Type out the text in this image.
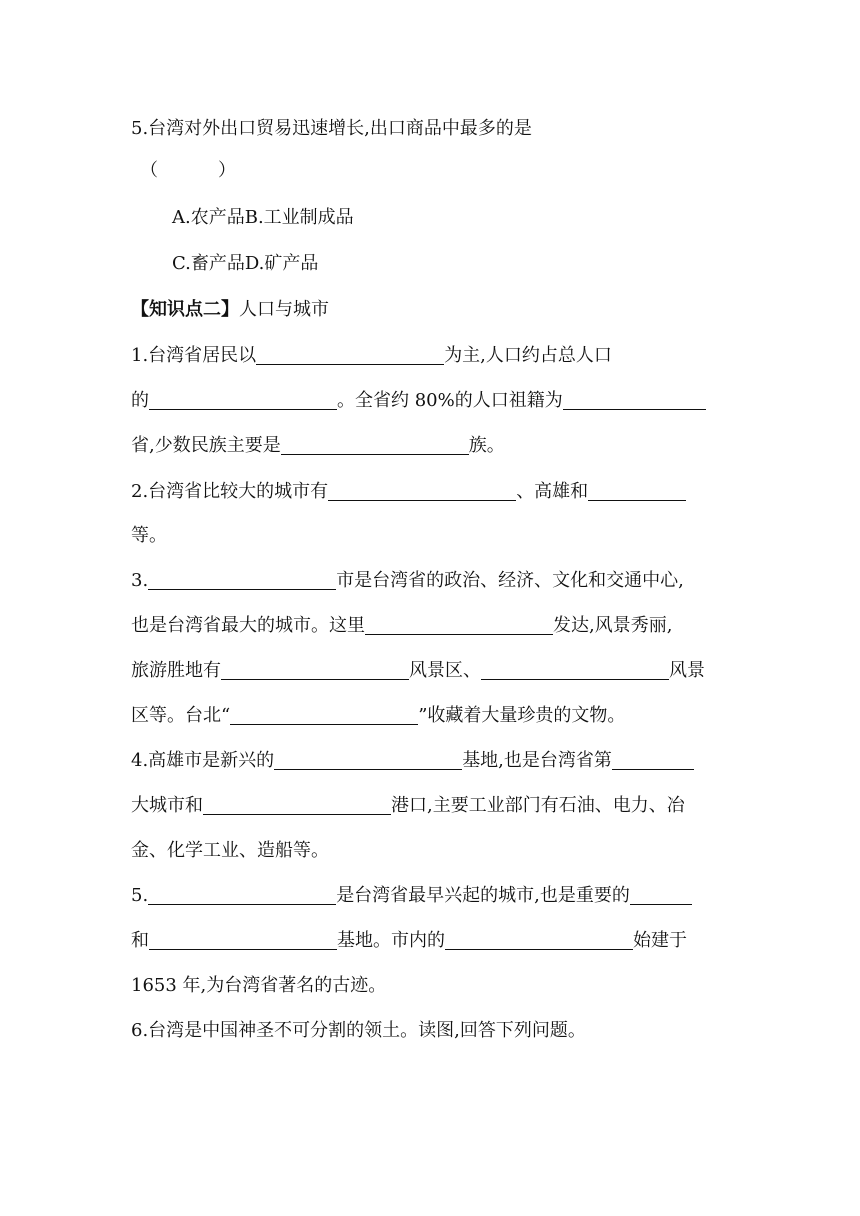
5.台湾对外出口贸易迅速增长,出口商品中最多的是
（	）
A.农产品B.工业制成品
C.畜产品D.矿产品
【知识点二】人口与城市
1.台湾省居民以	为主,人口约占总人口
的	。全省约 80%的人口祖籍为
省,少数民族主要是	族。
2.台湾省比较大的城市有	、高雄和
等。
3.	市是台湾省的政治、经济、文化和交通中心,
也是台湾省最大的城市。这里	发达,风景秀丽,
旅游胜地有	风景区、	风景
区等。台北“	”收藏着大量珍贵的文物。
4.高雄市是新兴的	基地,也是台湾省第
大城市和	港口,主要工业部门有石油、电力、冶
金、化学工业、造船等。
5.	是台湾省最早兴起的城市,也是重要的
和	基地。市内的	始建于
1653 年,为台湾省著名的古迹。
6.台湾是中国神圣不可分割的领土。读图,回答下列问题。
